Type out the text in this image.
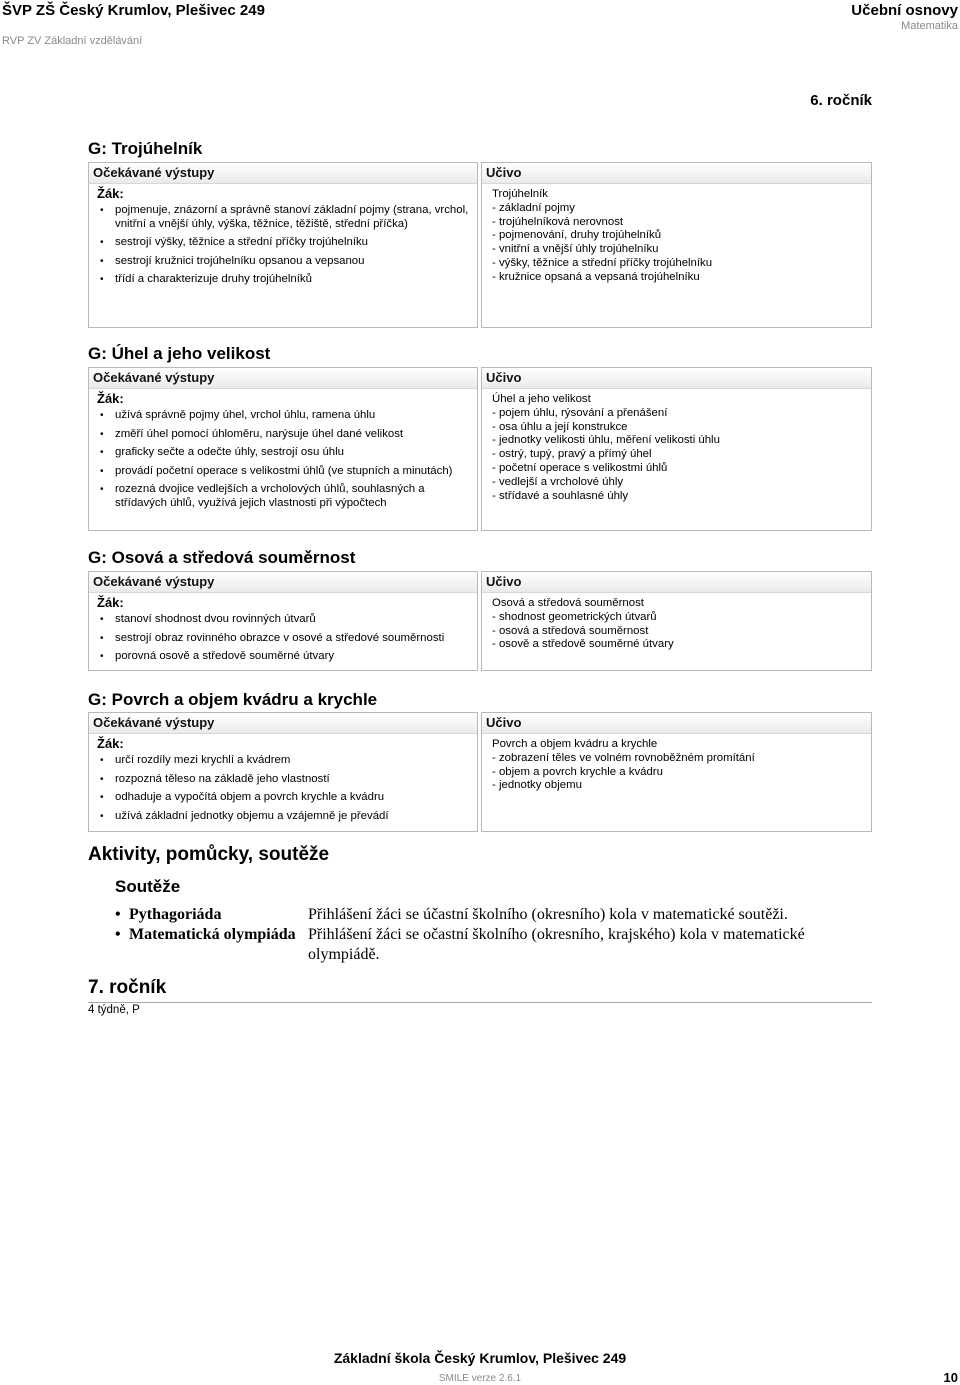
ŠVP ZŠ Český Krumlov, Plešivec 249
RVP ZV Základní vzdělávání
Učební osnovy
Matematika
6. ročník
G: Trojúhelník
Očekávané výstupy
Žák:
• pojmenuje, znázorní a správně stanoví základní pojmy (strana, vrchol, vnitřní a vnější úhly, výška, těžnice, těžiště, střední příčka)
• sestrojí výšky, těžnice a střední příčky trojúhelníku
• sestrojí kružnici trojúhelníku opsanou a vepsanou
• třídí a charakterizuje druhy trojúhelníků
Učivo
Trojúhelník
- základní pojmy
- trojúhelníková nerovnost
- pojmenování, druhy trojúhelníků
- vnitřní a vnější úhly trojúhelníku
- výšky, těžnice a střední příčky trojúhelníku
- kružnice opsaná a vepsaná trojúhelníku
G: Úhel a jeho velikost
Očekávané výstupy
Žák:
• užívá správně pojmy úhel, vrchol úhlu, ramena úhlu
• změří úhel pomocí úhloměru, narýsuje úhel dané velikost
• graficky sečte a odečte úhly, sestrojí osu úhlu
• provádí početní operace s velikostmi úhlů (ve stupních a minutách)
• rozezná dvojice vedlejších a vrcholových úhlů, souhlasných a střídavých úhlů, využívá jejich vlastnosti při výpočtech
Učivo
Úhel a jeho velikost
- pojem úhlu, rýsování a přenášení
- osa úhlu a její konstrukce
- jednotky velikosti úhlu, měření velikosti úhlu
- ostrý, tupý, pravý a přímý úhel
- početní operace s velikostmi úhlů
- vedlejší a vrcholové úhly
- střídavé a souhlasné úhly
G: Osová a středová souměrnost
Očekávané výstupy
Žák:
• stanoví shodnost dvou rovinných útvarů
• sestrojí obraz rovinného obrazce v osové a středové souměrnosti
• porovná osově a středově souměrné útvary
Učivo
Osová a středová souměrnost
- shodnost geometrických útvarů
- osová a středová souměrnost
- osově a středově souměrné útvary
G: Povrch a objem kvádru a krychle
Očekávané výstupy
Žák:
• určí rozdíly mezi krychlí a kvádrem
• rozpozná těleso na základě jeho vlastností
• odhaduje a vypočítá objem a povrch krychle a kvádru
• užívá základní jednotky objemu a vzájemně je převádí
Učivo
Povrch a objem kvádru a krychle
- zobrazení těles ve volném rovnoběžném promítání
- objem a povrch krychle a kvádru
- jednotky objemu
Aktivity, pomůcky, soutěže
Soutěže
• Pythagoriáda
• Matematická olympiáda
Přihlášení žáci se účastní školního (okresního) kola v matematické soutěži.
Přihlášení žáci se očastní školního (okresního, krajského) kola v matematické olympiádě.
7. ročník
4 týdně, P
Základní škola Český Krumlov, Plešivec 249
SMILE verze 2.6.1	10
